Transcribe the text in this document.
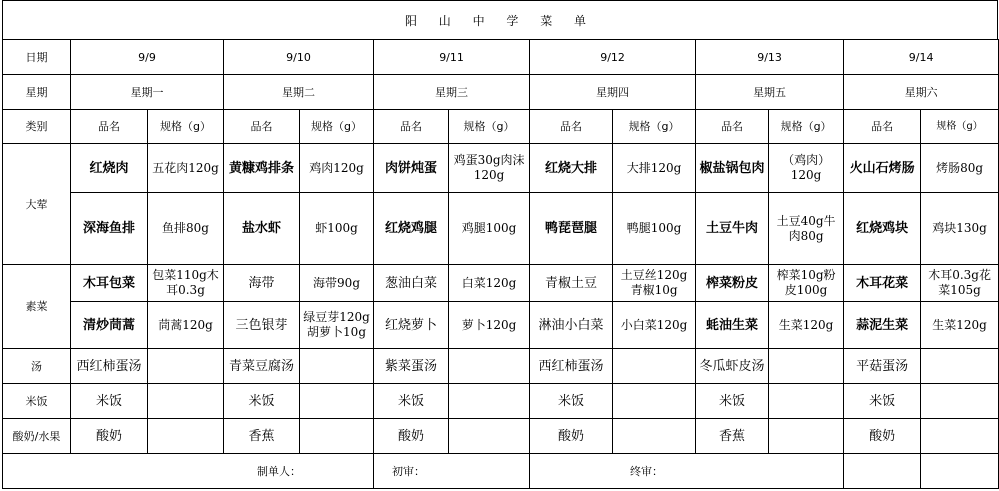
阳 山 中 学 菜 单
日期	9/9		9/10		9/11		9/12		9/13		9/14	
星期	星期一		星期二		星期三		星期四		星期五		星期六	
类别	品名	规格（g）	品名	规格（g）	品名	规格（g）	品名	规格（g）	品名	规格（g）	品名	规格（g）
大荤	红烧肉	五花肉120g	黄糠鸡排条	鸡肉120g	肉饼炖蛋	鸡蛋30g肉沫120g	红烧大排	大排120g	椒盐锅包肉	（鸡肉）120g	火山石烤肠	烤肠80g
	深海鱼排	鱼排80g	盐水虾	虾100g	红烧鸡腿	鸡腿100g	鸭琵琶腿	鸭腿100g	土豆牛肉	土豆40g牛肉80g	红烧鸡块	鸡块130g
素菜	木耳包菜	包菜110g木耳0.3g	海带	海带90g	葱油白菜	白菜120g	青椒土豆	土豆丝120g青椒10g	榨菜粉皮	榨菜10g粉皮100g	木耳花菜	木耳0.3g花菜105g
	清炒茼蒿	茼蒿120g	三色银芽	绿豆芽120g 胡萝卜10g	红烧萝卜	萝卜120g	淋油小白菜	小白菜120g	蚝油生菜	生菜120g	蒜泥生菜	生菜120g
汤	西红柿蛋汤		青菜豆腐汤		紫菜蛋汤		西红柿蛋汤		冬瓜虾皮汤		平菇蛋汤	
米饭	米饭		米饭		米饭		米饭		米饭		米饭	
酸奶/水果	酸奶		香蕉		酸奶		酸奶		香蕉		酸奶	
制单人：					初审：		终审：					
